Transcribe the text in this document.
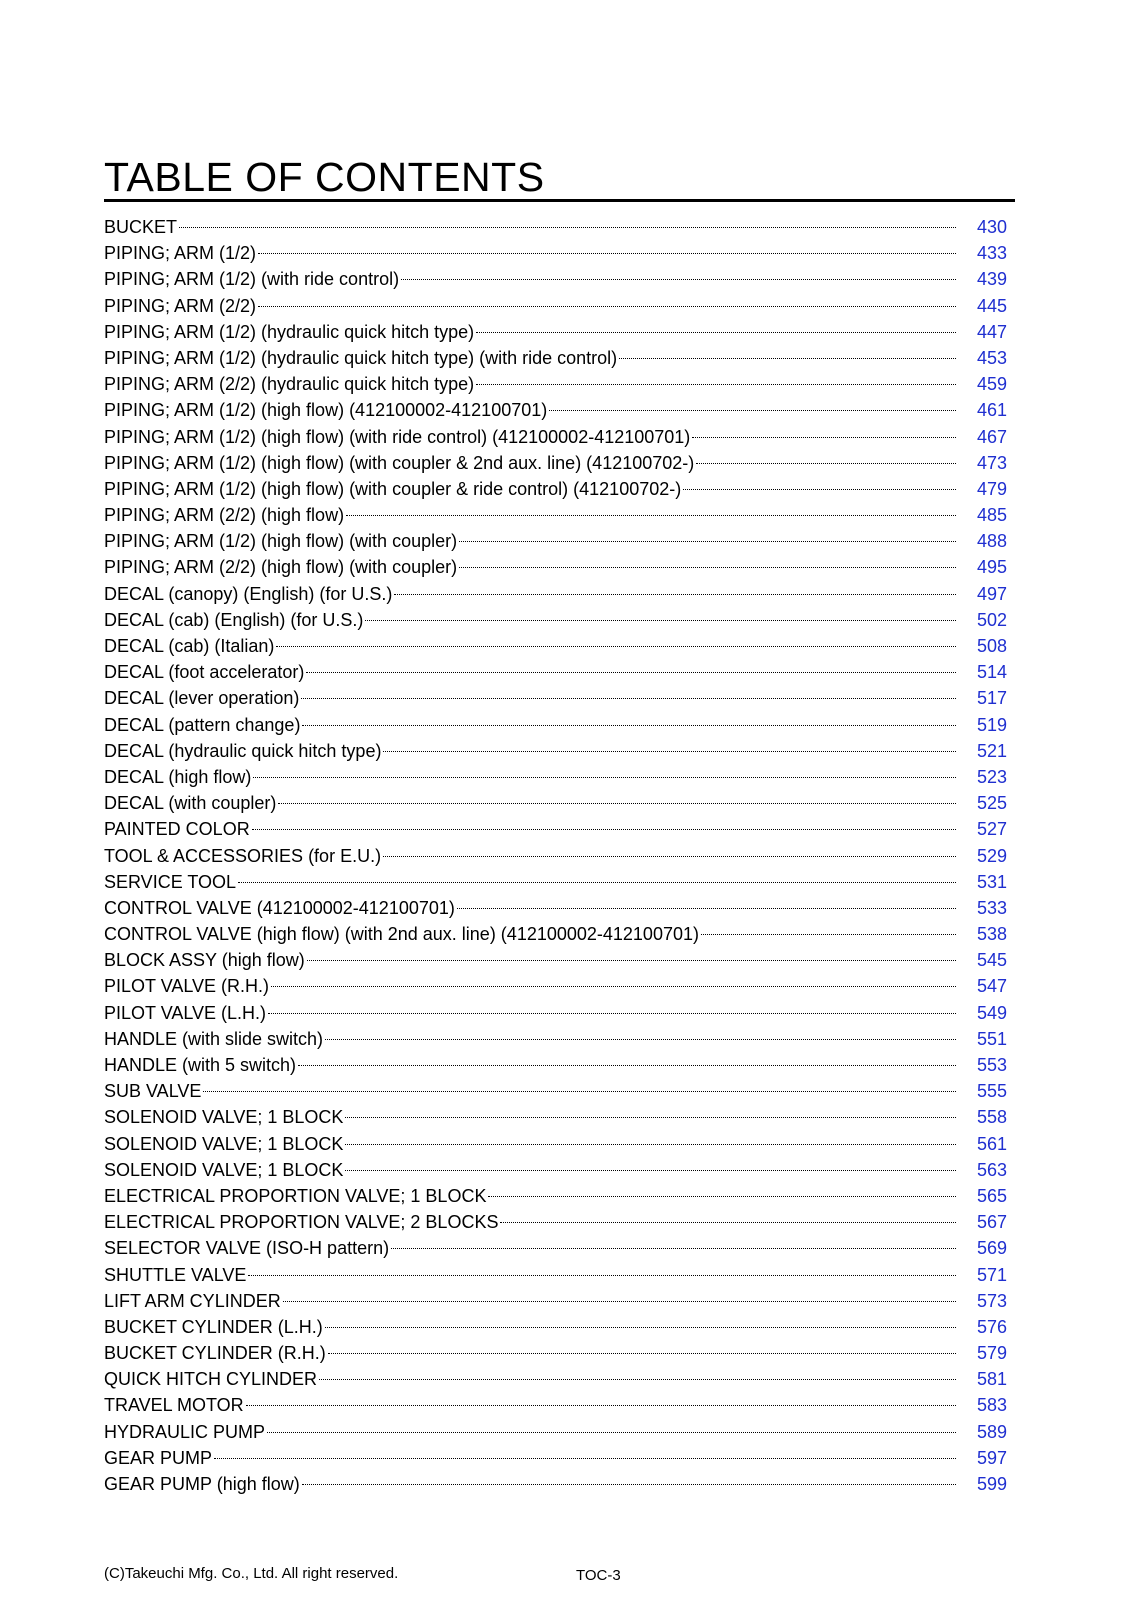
TABLE OF CONTENTS
BUCKET	430
PIPING; ARM (1/2)	433
PIPING; ARM (1/2) (with ride control)	439
PIPING; ARM (2/2)	445
PIPING; ARM (1/2) (hydraulic quick hitch type)	447
PIPING; ARM (1/2) (hydraulic quick hitch type) (with ride control)	453
PIPING; ARM (2/2) (hydraulic quick hitch type)	459
PIPING; ARM (1/2) (high flow) (412100002-412100701)	461
PIPING; ARM (1/2) (high flow) (with ride control) (412100002-412100701)	467
PIPING; ARM (1/2) (high flow) (with coupler & 2nd aux. line) (412100702-)	473
PIPING; ARM (1/2) (high flow) (with coupler & ride control) (412100702-)	479
PIPING; ARM (2/2) (high flow)	485
PIPING; ARM (1/2) (high flow) (with coupler)	488
PIPING; ARM (2/2) (high flow) (with coupler)	495
DECAL (canopy) (English) (for U.S.)	497
DECAL (cab) (English) (for U.S.)	502
DECAL (cab) (Italian)	508
DECAL (foot accelerator)	514
DECAL (lever operation)	517
DECAL (pattern change)	519
DECAL (hydraulic quick hitch type)	521
DECAL (high flow)	523
DECAL (with coupler)	525
PAINTED COLOR	527
TOOL & ACCESSORIES (for E.U.)	529
SERVICE TOOL	531
CONTROL VALVE (412100002-412100701)	533
CONTROL VALVE (high flow) (with 2nd aux. line) (412100002-412100701)	538
BLOCK ASSY (high flow)	545
PILOT VALVE (R.H.)	547
PILOT VALVE (L.H.)	549
HANDLE (with slide switch)	551
HANDLE (with 5 switch)	553
SUB VALVE	555
SOLENOID VALVE; 1 BLOCK	558
SOLENOID VALVE; 1 BLOCK	561
SOLENOID VALVE; 1 BLOCK	563
ELECTRICAL PROPORTION VALVE; 1 BLOCK	565
ELECTRICAL PROPORTION VALVE; 2 BLOCKS	567
SELECTOR VALVE (ISO-H pattern)	569
SHUTTLE VALVE	571
LIFT ARM CYLINDER	573
BUCKET CYLINDER (L.H.)	576
BUCKET CYLINDER (R.H.)	579
QUICK HITCH CYLINDER	581
TRAVEL MOTOR	583
HYDRAULIC PUMP	589
GEAR PUMP	597
GEAR PUMP (high flow)	599
(C)Takeuchi Mfg. Co., Ltd. All right reserved.	TOC-3
